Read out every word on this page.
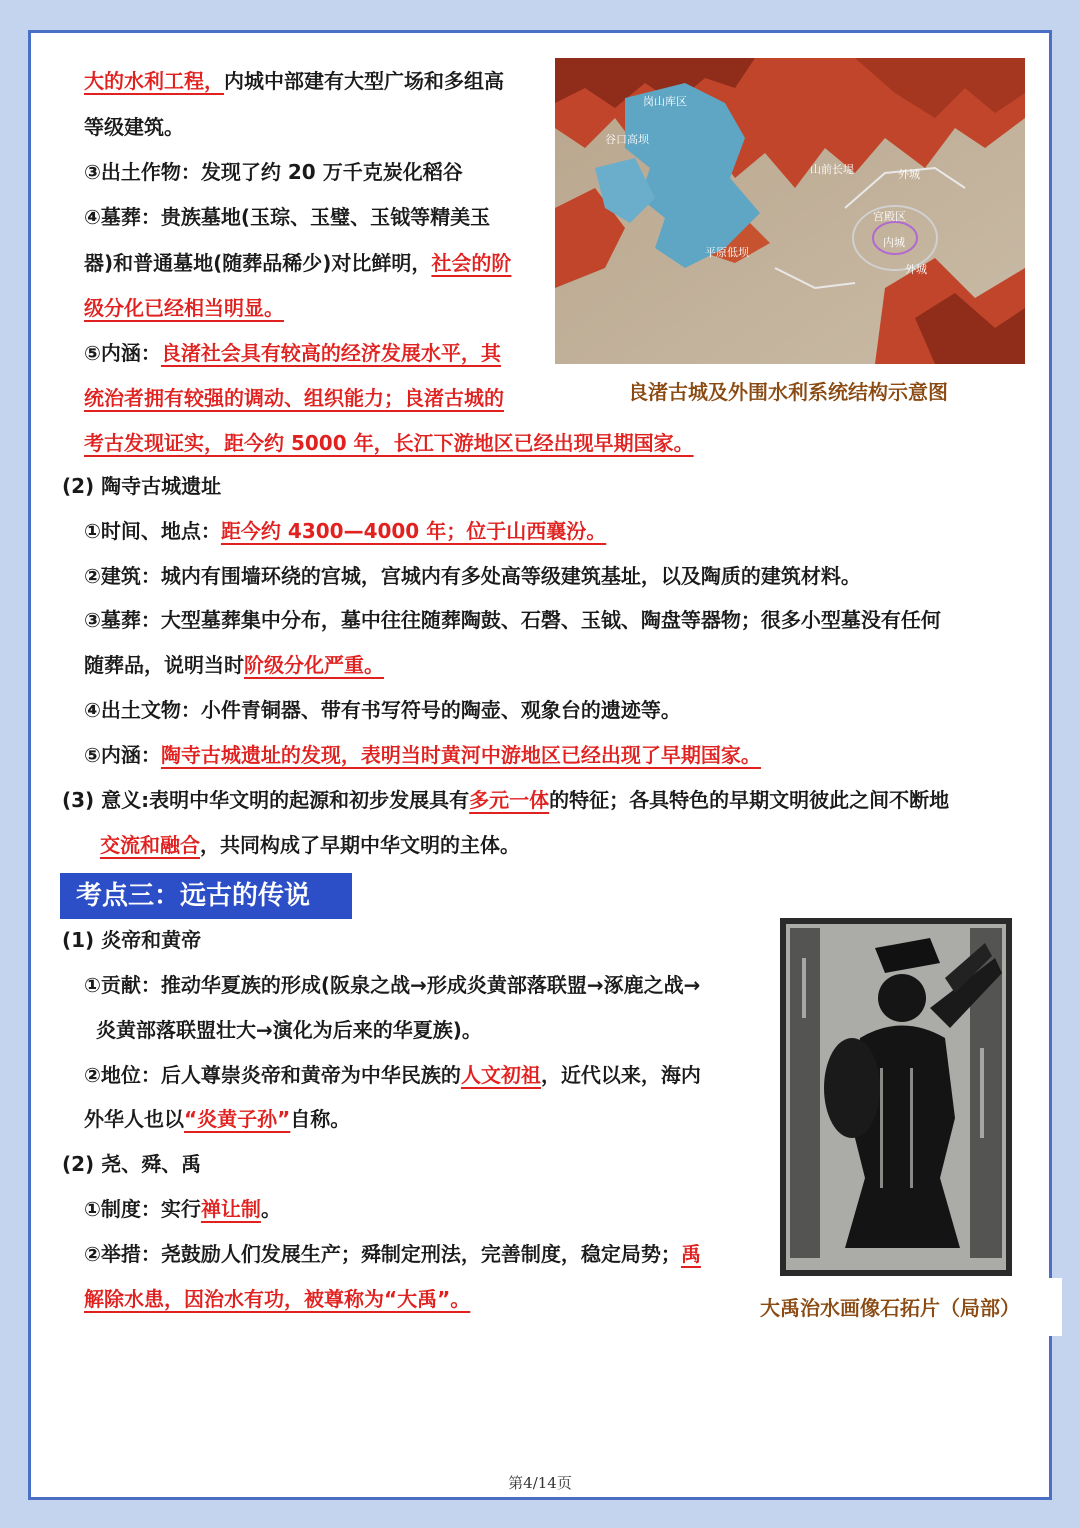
大的水利工程，内城中部建有大型广场和多组高
等级建筑。
③出土作物：发现了约 20 万千克炭化稻谷
④墓葬：贵族墓地(玉琮、玉璧、玉钺等精美玉
器)和普通墓地(随葬品稀少)对比鲜明，社会的阶
级分化已经相当明显。
⑤内涵：良渚社会具有较高的经济发展水平，其
统治者拥有较强的调动、组织能力；良渚古城的
考古发现证实，距今约 5000 年，长江下游地区已经出现早期国家。
岗山库区
谷口高坝
山前长堤	外城
宫殿区
内城
平原低坝
外城
良渚古城及外围水利系统结构示意图
(2) 陶寺古城遗址
①时间、地点：距今约 4300—4000 年；位于山西襄汾。
②建筑：城内有围墙环绕的宫城，宫城内有多处高等级建筑基址，以及陶质的建筑材料。
③墓葬：大型墓葬集中分布，墓中往往随葬陶鼓、石磬、玉钺、陶盘等器物；很多小型墓没有任何
随葬品，说明当时阶级分化严重。
④出土文物：小件青铜器、带有书写符号的陶壶、观象台的遗迹等。
⑤内涵：陶寺古城遗址的发现，表明当时黄河中游地区已经出现了早期国家。
(3) 意义:表明中华文明的起源和初步发展具有多元一体的特征；各具特色的早期文明彼此之间不断地
交流和融合，共同构成了早期中华文明的主体。
考点三：远古的传说
(1) 炎帝和黄帝
①贡献：推动华夏族的形成(阪泉之战→形成炎黄部落联盟→涿鹿之战→
炎黄部落联盟壮大→演化为后来的华夏族)。
②地位：后人尊崇炎帝和黄帝为中华民族的人文初祖，近代以来，海内
外华人也以“炎黄子孙”自称。
(2) 尧、舜、禹
①制度：实行禅让制。
②举措：尧鼓励人们发展生产；舜制定刑法，完善制度，稳定局势；禹
解除水患，因治水有功，被尊称为“大禹”。	大禹治水画像石拓片（局部）
第4/14页
